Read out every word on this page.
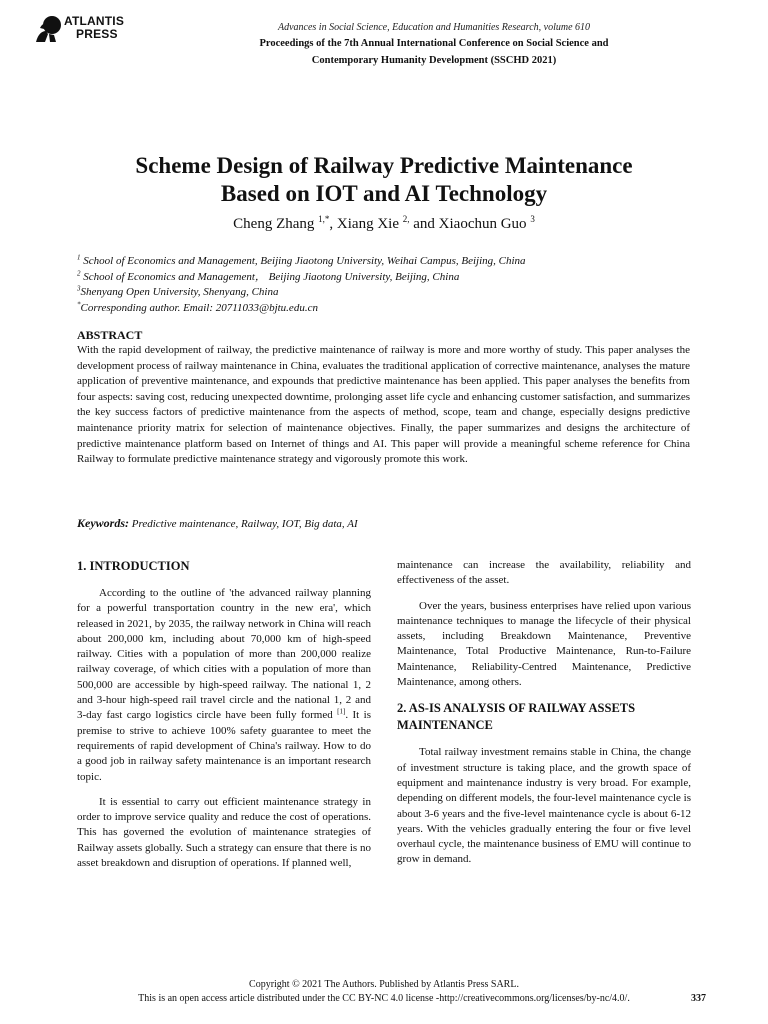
ATLANTIS
PRESS	Advances in Social Science, Education and Humanities Research, volume 610
Proceedings of the 7th Annual International Conference on Social Science and
Contemporary Humanity Development (SSCHD 2021)
Scheme Design of Railway Predictive Maintenance
Based on IOT and AI Technology
Cheng Zhang $^{1,*}$, Xiang Xie $^{2,}$ and Xiaochun Guo $^3$
$^1$ School of Economics and Management, Beijing Jiaotong University, Weihai Campus, Beijing, China
$^2$ School of Economics and Management， Beijing Jiaotong University, Beijing, China
$^3$Shenyang Open University, Shenyang, China
*Corresponding author. Email: 20711033@bjtu.edu.cn
ABSTRACT
With the rapid development of railway, the predictive maintenance of railway is more and more worthy of study. This paper analyses the development process of railway maintenance in China, evaluates the traditional application of corrective maintenance, analyses the mature application of preventive maintenance, and expounds that predictive maintenance has been applied. This paper analyses the benefits from four aspects: saving cost, reducing unexpected downtime, prolonging asset life cycle and enhancing customer satisfaction, and summarizes the key success factors of predictive maintenance from the aspects of method, scope, team and change, especially designs predictive maintenance priority matrix for selection of maintenance objectives. Finally, the paper summarizes and designs the architecture of predictive maintenance platform based on Internet of things and AI. This paper will provide a meaningful scheme reference for China Railway to formulate predictive maintenance strategy and vigorously promote this work.
Keywords: Predictive maintenance, Railway, IOT, Big data, AI
1. INTRODUCTION

According to the outline of 'the advanced railway planning for a powerful transportation country in the new era', which released in 2021, by 2035, the railway network in China will reach about 200,000 km, including about 70,000 km of high-speed railway. Cities with a population of more than 200,000 realize railway coverage, of which cities with a population of more than 500,000 are accessible by high-speed railway. The national 1, 2 and 3-hour high-speed rail travel circle and the national 1, 2 and 3-day fast cargo logistics circle have been fully formed [1]. It is premise to strive to achieve 100% safety guarantee to meet the requirements of rapid development of China's railway. How to do a good job in railway safety maintenance is an important research topic.

It is essential to carry out efficient maintenance strategy in order to improve service quality and reduce the cost of operations. This has governed the evolution of maintenance strategies of Railway assets globally. Such a strategy can ensure that there is no asset breakdown and disruption of operations. If planned well,

maintenance can increase the availability, reliability and effectiveness of the asset.

Over the years, business enterprises have relied upon various maintenance techniques to manage the lifecycle of their physical assets, including Breakdown Maintenance, Preventive Maintenance, Total Productive Maintenance, Run-to-Failure Maintenance, Reliability-Centred Maintenance, Predictive Maintenance, among others.

2. AS-IS ANALYSIS OF RAILWAY ASSETS
MAINTENANCE

Total railway investment remains stable in China, the change of investment structure is taking place, and the growth space of equipment and maintenance industry is very broad. For example, depending on different models, the four-level maintenance cycle is about 3-6 years and the five-level maintenance cycle is about 6-12 years. With the vehicles gradually entering the four or five level overhaul cycle, the maintenance business of EMU will continue to grow in demand.

Copyright © 2021 The Authors. Published by Atlantis Press SARL.
This is an open access article distributed under the CC BY-NC 4.0 license -http://creativecommons.org/licenses/by-nc/4.0/.	337
